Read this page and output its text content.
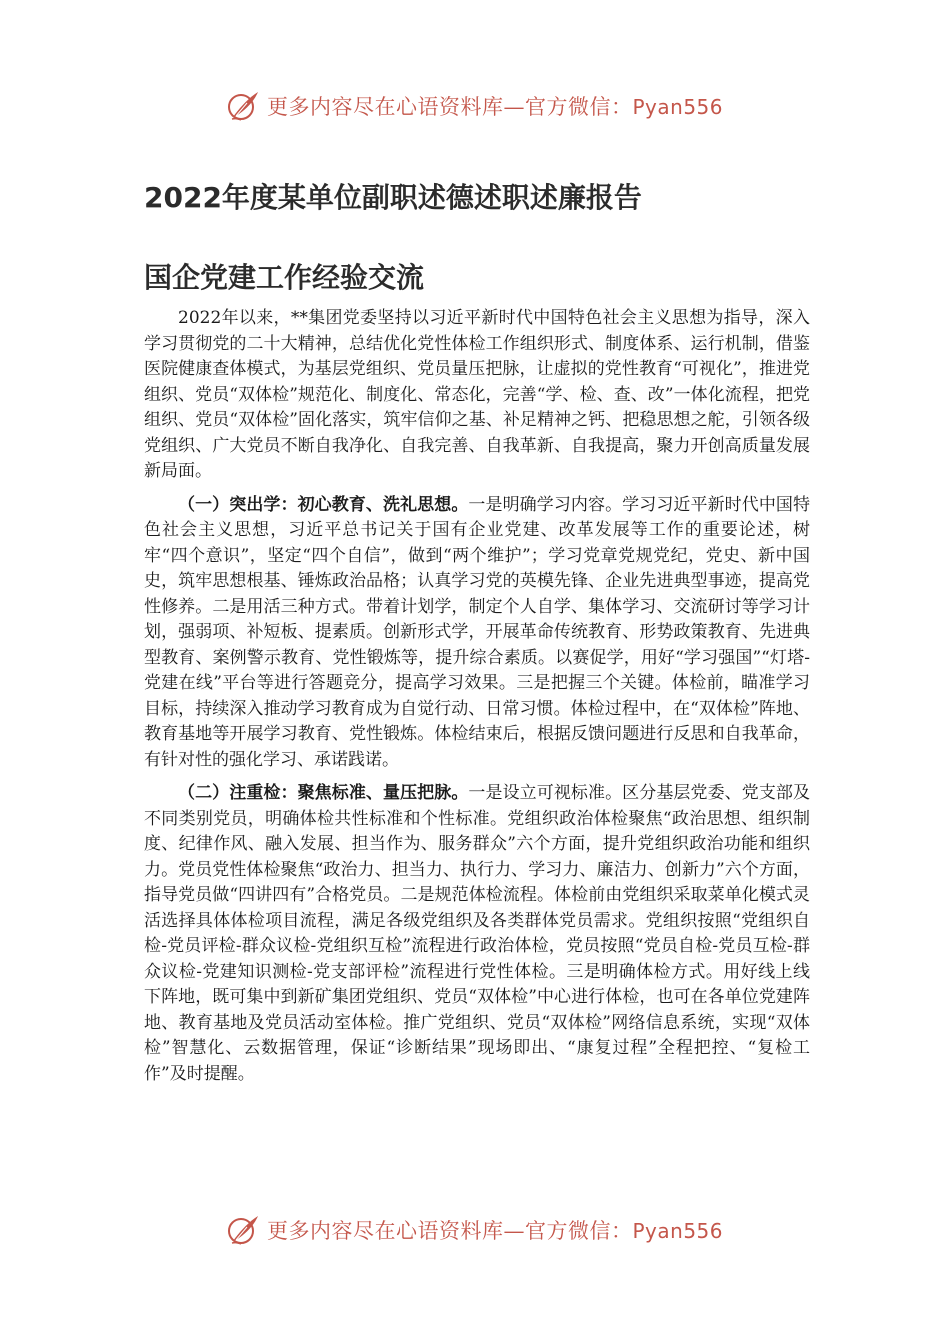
更多内容尽在心语资料库—官方微信：Pyan556
2022年度某单位副职述德述职述廉报告
国企党建工作经验交流

2022年以来，**集团党委坚持以习近平新时代中国特色社会主义思想为指导，深入学习贯彻党的二十大精神，总结优化党性体检工作组织形式、制度体系、运行机制，借鉴医院健康查体模式，为基层党组织、党员量压把脉，让虚拟的党性教育“可视化”，推进党组织、党员“双体检”规范化、制度化、常态化，完善“学、检、查、改”一体化流程，把党组织、党员“双体检”固化落实，筑牢信仰之基、补足精神之钙、把稳思想之舵，引领各级党组织、广大党员不断自我净化、自我完善、自我革新、自我提高，聚力开创高质量发展新局面。

（一）突出学：初心教育、洗礼思想。一是明确学习内容。学习习近平新时代中国特色社会主义思想，习近平总书记关于国有企业党建、改革发展等工作的重要论述，树牢“四个意识”，坚定“四个自信”，做到“两个维护”；学习党章党规党纪，党史、新中国史，筑牢思想根基、锤炼政治品格；认真学习党的英模先锋、企业先进典型事迹，提高党性修养。二是用活三种方式。带着计划学，制定个人自学、集体学习、交流研讨等学习计划，强弱项、补短板、提素质。创新形式学，开展革命传统教育、形势政策教育、先进典型教育、案例警示教育、党性锻炼等，提升综合素质。以赛促学，用好“学习强国”“灯塔-党建在线”平台等进行答题竞分，提高学习效果。三是把握三个关键。体检前，瞄准学习目标，持续深入推动学习教育成为自觉行动、日常习惯。体检过程中，在“双体检”阵地、教育基地等开展学习教育、党性锻炼。体检结束后，根据反馈问题进行反思和自我革命，有针对性的强化学习、承诺践诺。

（二）注重检：聚焦标准、量压把脉。一是设立可视标准。区分基层党委、党支部及不同类别党员，明确体检共性标准和个性标准。党组织政治体检聚焦“政治思想、组织制度、纪律作风、融入发展、担当作为、服务群众”六个方面，提升党组织政治功能和组织力。党员党性体检聚焦“政治力、担当力、执行力、学习力、廉洁力、创新力”六个方面，指导党员做“四讲四有”合格党员。二是规范体检流程。体检前由党组织采取菜单化模式灵活选择具体体检项目流程，满足各级党组织及各类群体党员需求。党组织按照“党组织自检-党员评检-群众议检-党组织互检”流程进行政治体检，党员按照“党员自检-党员互检-群众议检-党建知识测检-党支部评检”流程进行党性体检。三是明确体检方式。用好线上线下阵地，既可集中到新矿集团党组织、党员“双体检”中心进行体检，也可在各单位党建阵地、教育基地及党员活动室体检。推广党组织、党员“双体检”网络信息系统，实现“双体检”智慧化、云数据管理，保证“诊断结果”现场即出、“康复过程”全程把控、“复检工作”及时提醒。

更多内容尽在心语资料库—官方微信：Pyan556
